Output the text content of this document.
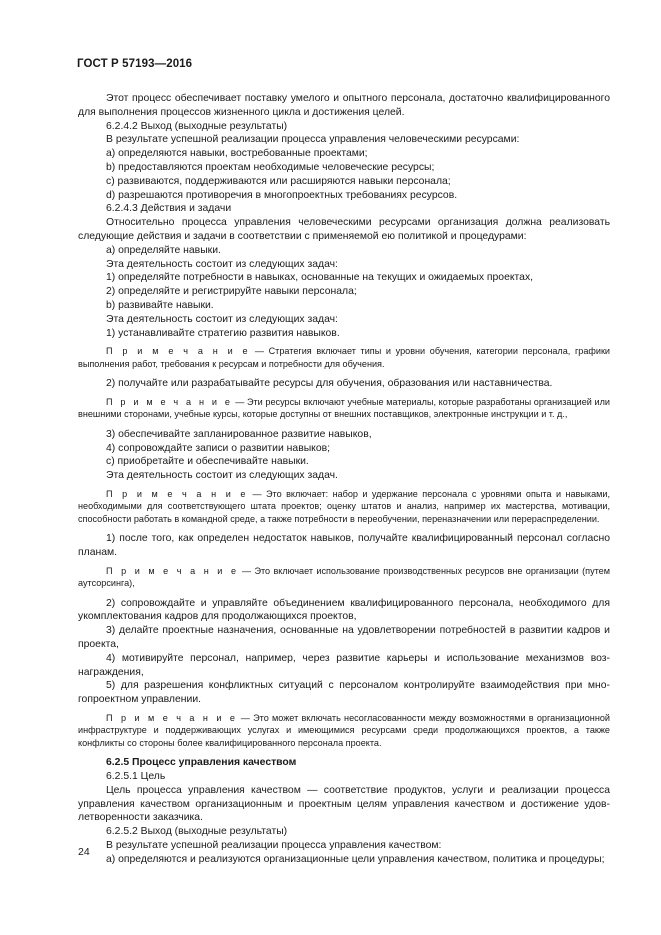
ГОСТ Р 57193—2016

Этот процесс обеспечивает поставку умелого и опытного персонала, достаточно квалифицированного для выполнения процессов жизненного цикла и достижения целей.

6.2.4.2 Выход (выходные результаты)

В результате успешной реализации процесса управления человеческими ресурсами:

а) определяются навыки, востребованные проектами;

b) предоставляются проектам необходимые человеческие ресурсы;

c) развиваются, поддерживаются или расширяются навыки персонала;

d) разрешаются противоречия в многопроектных требованиях ресурсов.

6.2.4.3 Действия и задачи

Относительно процесса управления человеческими ресурсами организация должна реализовать следующие действия и задачи в соответствии с применяемой ею политикой и процедурами:

а) определяйте навыки.

Эта деятельность состоит из следующих задач:

1) определяйте потребности в навыках, основанные на текущих и ожидаемых проектах,

2) определяйте и регистрируйте навыки персонала;

b) развивайте навыки.

Эта деятельность состоит из следующих задач:

1) устанавливайте стратегию развития навыков.

П р и м е ч а н и е — Стратегия включает типы и уровни обучения, категории персонала, графики выполнения работ, требования к ресурсам и потребности для обучения.

2) получайте или разрабатывайте ресурсы для обучения, образования или наставничества.

П р и м е ч а н и е — Эти ресурсы включают учебные материалы, которые разработаны организацией или внешними сторонами, учебные курсы, которые доступны от внешних поставщиков, электронные инструкции и т. д.,

3) обеспечивайте запланированное развитие навыков,

4) сопровождайте записи о развитии навыков;

c) приобретайте и обеспечивайте навыки.

Эта деятельность состоит из следующих задач.

П р и м е ч а н и е — Это включает: набор и удержание персонала с уровнями опыта и навыками, необходимыми для соответствующего штата проектов; оценку штатов и анализ, например их мастерства, мотивации, способности работать в командной среде, а также потребности в переобучении, переназначении или перераспределении.

1) после того, как определен недостаток навыков, получайте квалифицированный персонал согласно планам.

П р и м е ч а н и е — Это включает использование производственных ресурсов вне организации (путем аутсорсинга),

2) сопровождайте и управляйте объединением квалифицированного персонала, необходимого для укомплектования кадров для продолжающихся проектов,

3) делайте проектные назначения, основанные на удовлетворении потребностей в развитии кадров и проекта,

4) мотивируйте персонал, например, через развитие карьеры и использование механизмов вознаграждения,

5) для разрешения конфликтных ситуаций с персоналом контролируйте взаимодействия при многопроектном управлении.

П р и м е ч а н и е — Это может включать несогласованности между возможностями в организационной инфраструктуре и поддерживающих услугах и имеющимися ресурсами среди продолжающихся проектов, а также конфликты со стороны более квалифицированного персонала проекта.

6.2.5 Процесс управления качеством

6.2.5.1 Цель

Цель процесса управления качеством — соответствие продуктов, услуги и реализации процесса управления качеством организационным и проектным целям управления качеством и достижение удовлетворенности заказчика.

6.2.5.2 Выход (выходные результаты)

В результате успешной реализации процесса управления качеством:

а) определяются и реализуются организационные цели управления качеством, политика и процедуры;

24
